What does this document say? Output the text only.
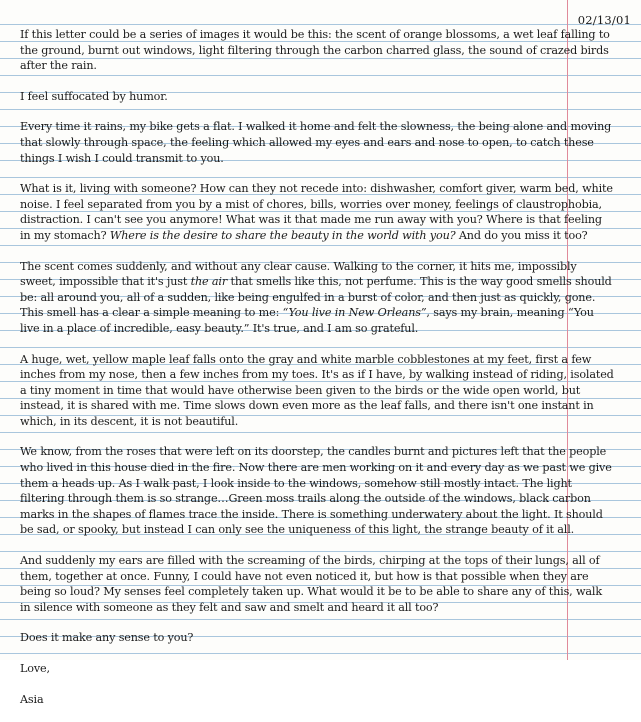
02/13/01

If this letter could be a series of images it would be this: the scent of orange blossoms, a wet leaf falling to the ground, burnt out windows, light filtering through the carbon charred glass, the sound of crazed birds after the rain.

I feel suffocated by humor.

Every time it rains, my bike gets a flat. I walked it home and felt the slowness, the being alone and moving that slowly through space, the feeling which allowed my eyes and ears and nose to open, to catch these things I wish I could transmit to you.

What is it, living with someone? How can they not recede into: dishwasher, comfort giver, warm bed, white noise. I feel separated from you by a mist of chores, bills, worries over money, feelings of claustrophobia, distraction. I can't see you anymore! What was it that made me run away with you? Where is that feeling in my stomach? Where is the desire to share the beauty in the world with you? And do you miss it too?

The scent comes suddenly, and without any clear cause. Walking to the corner, it hits me, impossibly sweet, impossible that it's just the air that smells like this, not perfume. This is the way good smells should be: all around you, all of a sudden, like being engulfed in a burst of color, and then just as quickly, gone. This smell has a clear a simple meaning to me: “You live in New Orleans”, says my brain, meaning “You live in a place of incredible, easy beauty.” It's true, and I am so grateful.

A huge, wet, yellow maple leaf falls onto the gray and white marble cobblestones at my feet, first a few inches from my nose, then a few inches from my toes. It's as if I have, by walking instead of riding, isolated a tiny moment in time that would have otherwise been given to the birds or the wide open world, but instead, it is shared with me. Time slows down even more as the leaf falls, and there isn't one instant in which, in its descent, it is not beautiful.

We know, from the roses that were left on its doorstep, the candles burnt and pictures left that the people who lived in this house died in the fire. Now there are men working on it and every day as we past we give them a heads up. As I walk past, I look inside to the windows, somehow still mostly intact. The light filtering through them is so strange…Green moss trails along the outside of the windows, black carbon marks in the shapes of flames trace the inside. There is something underwatery about the light. It should be sad, or spooky, but instead I can only see the uniqueness of this light, the strange beauty of it all.

And suddenly my ears are filled with the screaming of the birds, chirping at the tops of their lungs, all of them, together at once. Funny, I could have not even noticed it, but how is that possible when they are being so loud? My senses feel completely taken up. What would it be to be able to share any of this, walk in silence with someone as they felt and saw and smelt and heard it all too?

Does it make any sense to you?

Love,

Asia
